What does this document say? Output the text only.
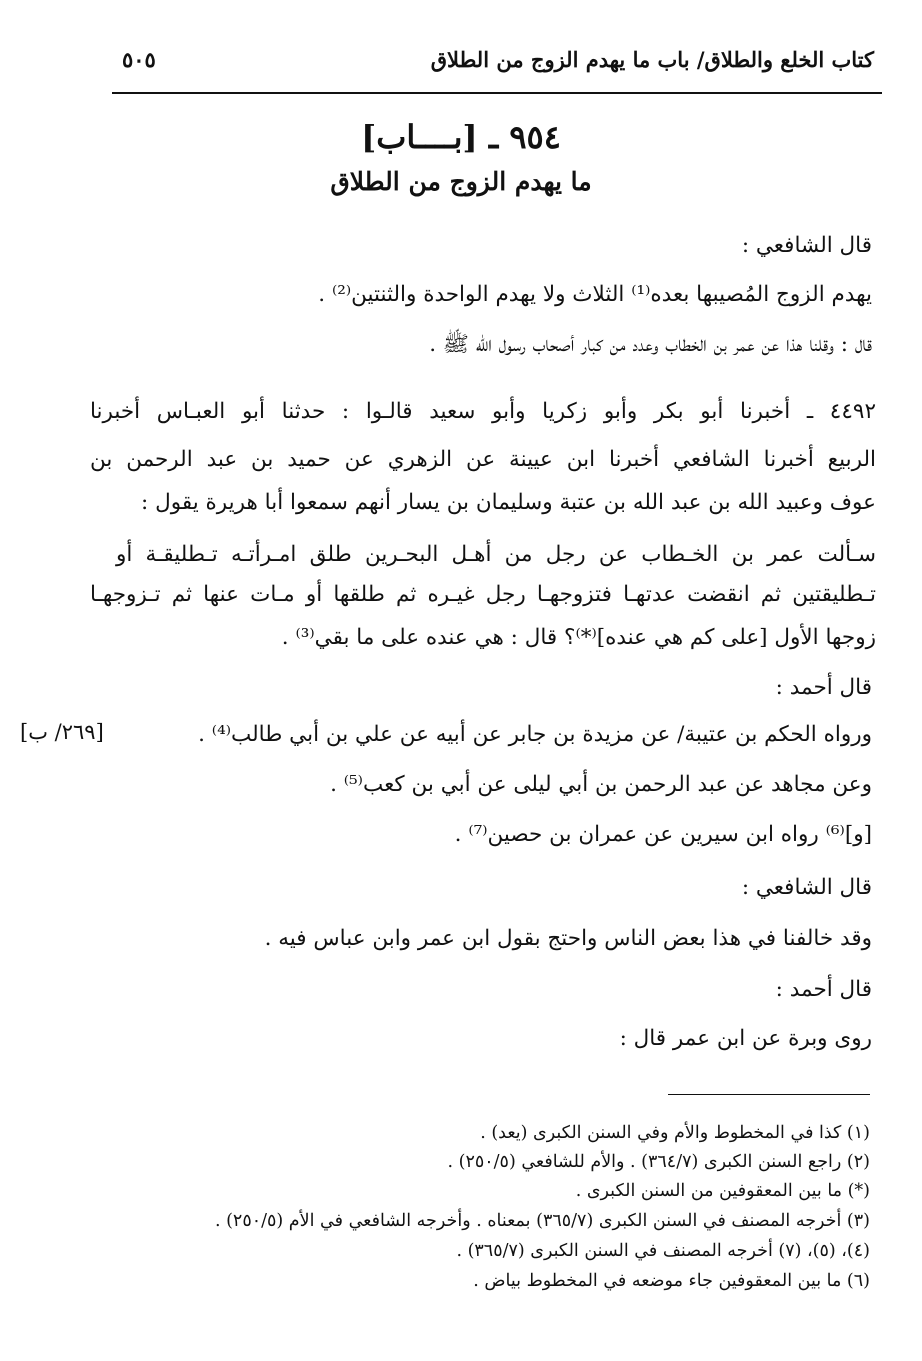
كتاب الخلع والطلاق/ باب ما يهدم الزوج من الطلاق
٥٠٥
٩٥٤ ـ [بــــاب]
ما يهدم الزوج من الطلاق
قال الشافعي :
يهدم الزوج المُصيبها بعده⁽¹⁾ الثلاث ولا يهدم الواحدة والثنتين⁽²⁾ .
قال : وقلنا هذا عن عمر بن الخطاب وعدد من كبار أصحاب رسول الله ﷺ .
٤٤٩٢ ـ أخبرنا أبو بكر وأبو زكريا وأبو سعيد قالـوا : حدثنا أبو العبـاس أخبرنا
الربيع أخبرنا الشافعي أخبرنا ابن عيينة عن الزهري عن حميد بن عبد الرحمن بن
عوف وعبيد الله بن عبد الله بن عتبة وسليمان بن يسار أنهم سمعوا أبا هريرة يقول :
سـألت عمر بن الخـطاب عن رجل من أهـل البحـرين طلق امـرأتـه تـطليقـة أو
تـطليقتين ثم انقضت عدتهـا فتزوجهـا رجل غيـره ثم طلقها أو مـات عنها ثم تـزوجهـا
زوجها الأول [على كم هي عنده]⁽*⁾؟ قال : هي عنده على ما بقي⁽³⁾ .
قال أحمد :
ورواه الحكم بن عتيبة/ عن مزيدة بن جابر عن أبيه عن علي بن أبي طالب⁽⁴⁾ .
[٢٦٩/ ب]
وعن مجاهد عن عبد الرحمن بن أبي ليلى عن أبي بن كعب⁽⁵⁾ .
[و]⁽⁶⁾ رواه ابن سيرين عن عمران بن حصين⁽⁷⁾ .
قال الشافعي :
وقد خالفنا في هذا بعض الناس واحتج بقول ابن عمر وابن عباس فيه .
قال أحمد :
روى وبرة عن ابن عمر قال :
(١) كذا في المخطوط والأم وفي السنن الكبرى (يعد) .
(٢) راجع السنن الكبرى (٣٦٤/٧) . والأم للشافعي (٢٥٠/٥) .
(*) ما بين المعقوفين من السنن الكبرى .
(٣) أخرجه المصنف في السنن الكبرى (٣٦٥/٧) بمعناه . وأخرجه الشافعي في الأم (٢٥٠/٥) .
(٤)، (٥)، (٧) أخرجه المصنف في السنن الكبرى (٣٦٥/٧) .
(٦) ما بين المعقوفين جاء موضعه في المخطوط بياض .
